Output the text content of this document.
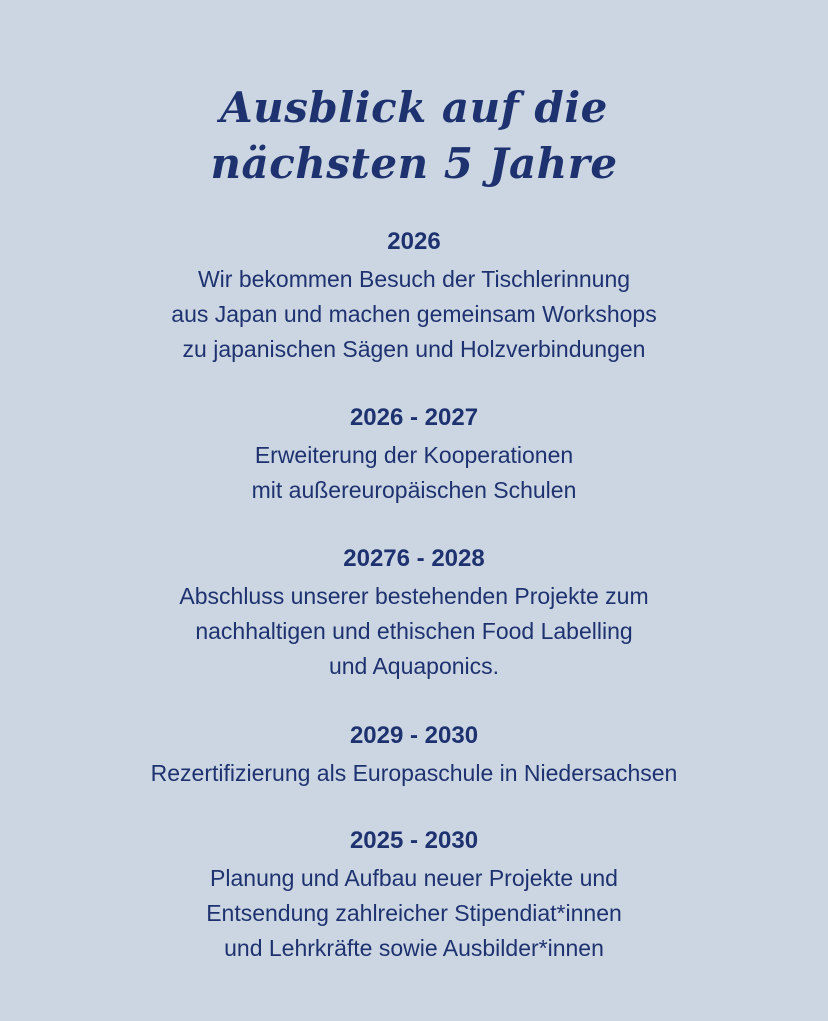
Ausblick auf die
nächsten 5 Jahre

2026

Wir bekommen Besuch der Tischlerinnung

aus Japan und machen gemeinsam Workshops

zu japanischen Sägen und Holzverbindungen

2026 - 2027

Erweiterung der Kooperationen

mit außereuropäischen Schulen

20276 - 2028

Abschluss unserer bestehenden Projekte zum

nachhaltigen und ethischen Food Labelling

und Aquaponics.

2029 - 2030

Rezertifizierung als Europaschule in Niedersachsen

2025 - 2030

Planung und Aufbau neuer Projekte und

Entsendung zahlreicher Stipendiat*innen

und Lehrkräfte sowie Ausbilder*innen
